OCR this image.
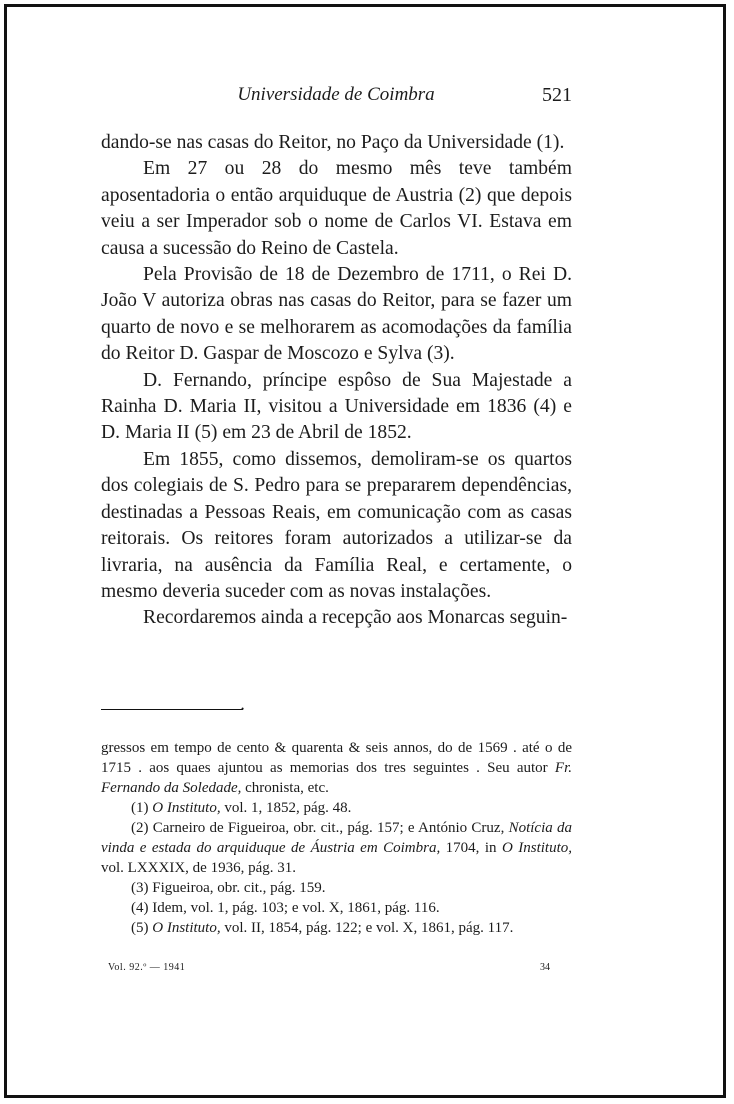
Universidade de Coimbra	521

dando-se nas casas do Reitor, no Paço da Universidade (1).

Em 27 ou 28 do mesmo mês teve também aposentadoria o então arquiduque de Austria (2) que depois veiu a ser Imperador sob o nome de Carlos VI. Estava em causa a sucessão do Reino de Castela.

Pela Provisão de 18 de Dezembro de 1711, o Rei D. João V autoriza obras nas casas do Reitor, para se fazer um quarto de novo e se melhorarem as acomodações da família do Reitor D. Gaspar de Moscozo e Sylva (3).

D. Fernando, príncipe espôso de Sua Majestade a Rainha D. Maria II, visitou a Universidade em 1836 (4) e D. Maria II (5) em 23 de Abril de 1852.

Em 1855, como dissemos, demoliram-se os quartos dos colegiais de S. Pedro para se prepararem dependências, destinadas a Pessoas Reais, em comunicação com as casas reitorais. Os reitores foram autorizados a utilizar-se da livraria, na ausência da Família Real, e certamente, o mesmo deveria suceder com as novas instalações.

Recordaremos ainda a recepção aos Monarcas seguin-

•

gressos em tempo de cento & quarenta & seis annos, do de 1569 . até o de 1715 . aos quaes ajuntou as memorias dos tres seguintes . Seu autor Fr. Fernando da Soledade, chronista, etc.

(1) O Instituto, vol. 1, 1852, pág. 48.

(2) Carneiro de Figueiroa, obr. cit., pág. 157; e António Cruz, Notícia da vinda e estada do arquiduque de Áustria em Coimbra, 1704, in O Instituto, vol. LXXXIX, de 1936, pág. 31.

(3) Figueiroa, obr. cit., pág. 159.

(4) Idem, vol. 1, pág. 103; e vol. X, 1861, pág. 116.

(5) O Instituto, vol. II, 1854, pág. 122; e vol. X, 1861, pág. 117.

Vol. 92.º — 1941	34
